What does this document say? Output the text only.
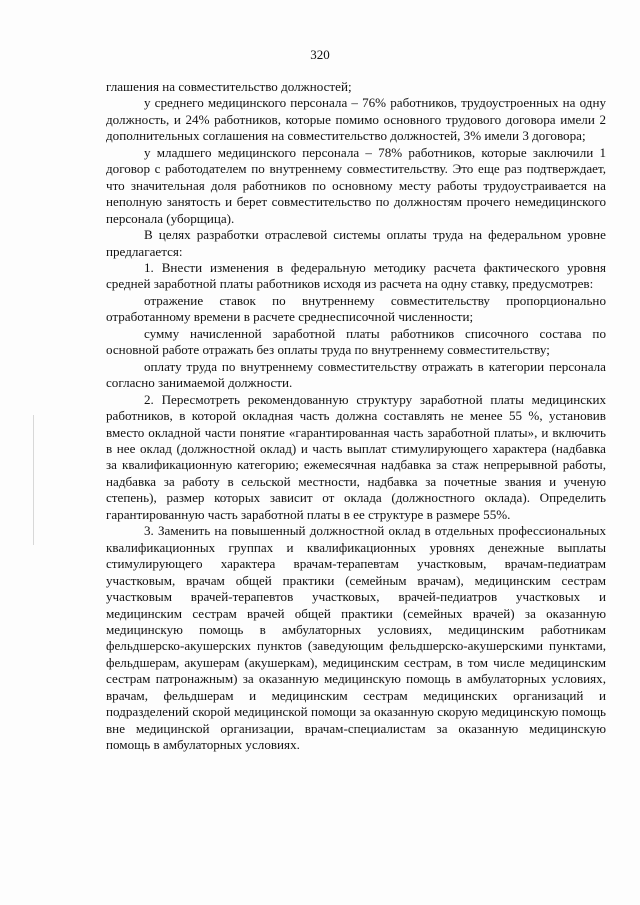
320

глашения на совместительство должностей;

у среднего медицинского персонала – 76% работников, трудоустроенных на одну должность, и 24% работников, которые помимо основного трудового договора имели 2 дополнительных соглашения на совместительство должностей, 3% имели 3 договора;

у младшего медицинского персонала – 78% работников, которые заключили 1 договор с работодателем по внутреннему совместительству. Это еще раз подтверждает, что значительная доля работников по основному месту работы трудоустраивается на неполную занятость и берет совместительство по должностям прочего немедицинского персонала (уборщица).

В целях разработки отраслевой системы оплаты труда на федеральном уровне предлагается:

1. Внести изменения в федеральную методику расчета фактического уровня средней заработной платы работников исходя из расчета на одну ставку, предусмотрев:

отражение ставок по внутреннему совместительству пропорционально отработанному времени в расчете среднесписочной численности;

сумму начисленной заработной платы работников списочного состава по основной работе отражать без оплаты труда по внутреннему совместительству;

оплату труда по внутреннему совместительству отражать в категории персонала согласно занимаемой должности.

2. Пересмотреть рекомендованную структуру заработной платы медицинских работников, в которой окладная часть должна составлять не менее 55 %, установив вместо окладной части понятие «гарантированная часть заработной платы», и включить в нее оклад (должностной оклад) и часть выплат стимулирующего характера (надбавка за квалификационную категорию; ежемесячная надбавка за стаж непрерывной работы, надбавка за работу в сельской местности, надбавка за почетные звания и ученую степень), размер которых зависит от оклада (должностного оклада). Определить гарантированную часть заработной платы в ее структуре в размере 55%.

3. Заменить на повышенный должностной оклад в отдельных профессиональных квалификационных группах и квалификационных уровнях денежные выплаты стимулирующего характера врачам-терапевтам участковым, врачам-педиатрам участковым, врачам общей практики (семейным врачам), медицинским сестрам участковым врачей-терапевтов участковых, врачей-педиатров участковых и медицинским сестрам врачей общей практики (семейных врачей) за оказанную медицинскую помощь в амбулаторных условиях, медицинским работникам фельдшерско-акушерских пунктов (заведующим фельдшерско-акушерскими пунктами, фельдшерам, акушерам (акушеркам), медицинским сестрам, в том числе медицинским сестрам патронажным) за оказанную медицинскую помощь в амбулаторных условиях, врачам, фельдшерам и медицинским сестрам медицинских организаций и подразделений скорой медицинской помощи за оказанную скорую медицинскую помощь вне медицинской организации, врачам-специалистам за оказанную медицинскую помощь в амбулаторных условиях.
